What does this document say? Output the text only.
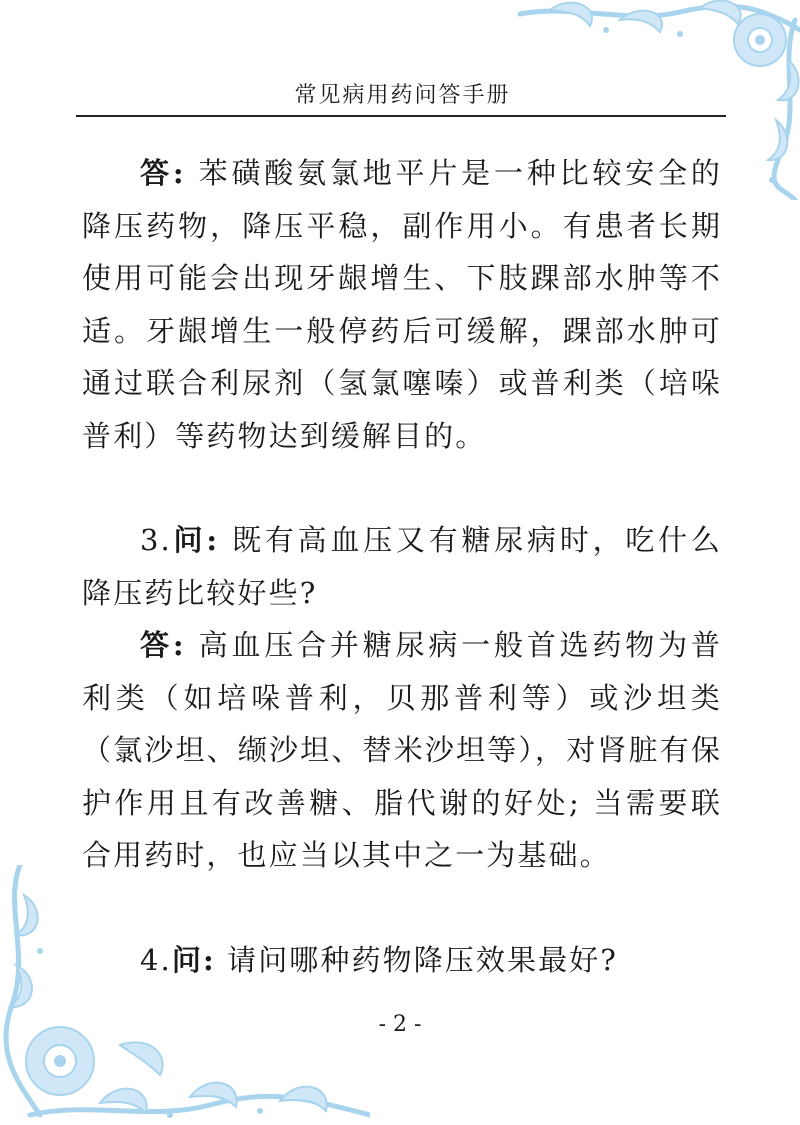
常见病用药问答手册

答: 苯磺酸氨氯地平片是一种比较安全的降压药物，降压平稳，副作用小。有患者长期使用可能会出现牙龈增生、下肢踝部水肿等不适。牙龈增生一般停药后可缓解，踝部水肿可通过联合利尿剂（氢氯噻嗪）或普利类（培哚普利）等药物达到缓解目的。

3.问: 既有高血压又有糖尿病时，吃什么降压药比较好些?

答: 高血压合并糖尿病一般首选药物为普利类（如培哚普利，贝那普利等）或沙坦类（氯沙坦、缬沙坦、替米沙坦等），对肾脏有保护作用且有改善糖、脂代谢的好处; 当需要联合用药时，也应当以其中之一为基础。

4.问: 请问哪种药物降压效果最好?

- 2 -
